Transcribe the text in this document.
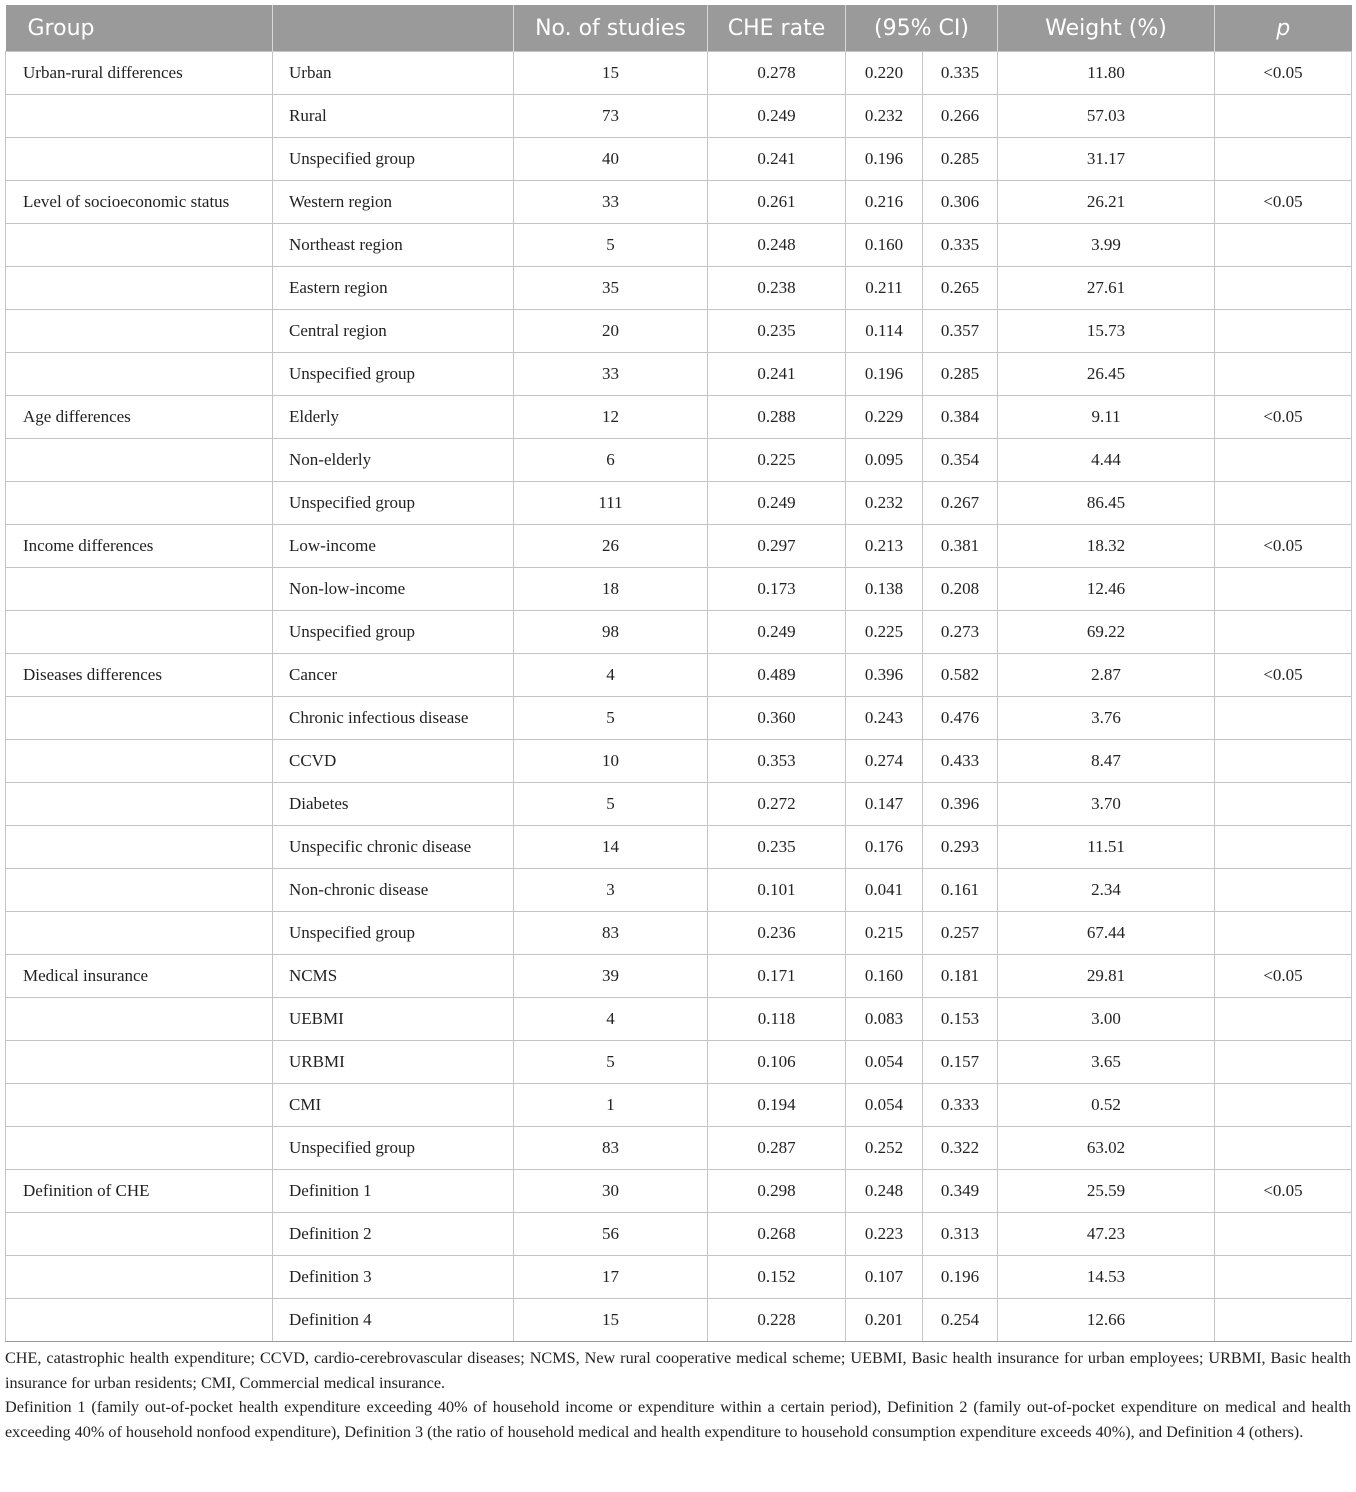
Group		No. of studies	CHE rate	(95% CI)		Weight (%)	p
Urban-rural differences	Urban	15	0.278	0.220	0.335	11.80	<0.05
	Rural	73	0.249	0.232	0.266	57.03	
	Unspecified group	40	0.241	0.196	0.285	31.17	
Level of socioeconomic status	Western region	33	0.261	0.216	0.306	26.21	<0.05
	Northeast region	5	0.248	0.160	0.335	3.99	
	Eastern region	35	0.238	0.211	0.265	27.61	
	Central region	20	0.235	0.114	0.357	15.73	
	Unspecified group	33	0.241	0.196	0.285	26.45	
Age differences	Elderly	12	0.288	0.229	0.384	9.11	<0.05
	Non-elderly	6	0.225	0.095	0.354	4.44	
	Unspecified group	111	0.249	0.232	0.267	86.45	
Income differences	Low-income	26	0.297	0.213	0.381	18.32	<0.05
	Non-low-income	18	0.173	0.138	0.208	12.46	
	Unspecified group	98	0.249	0.225	0.273	69.22	
Diseases differences	Cancer	4	0.489	0.396	0.582	2.87	<0.05
	Chronic infectious disease	5	0.360	0.243	0.476	3.76	
	CCVD	10	0.353	0.274	0.433	8.47	
	Diabetes	5	0.272	0.147	0.396	3.70	
	Unspecific chronic disease	14	0.235	0.176	0.293	11.51	
	Non-chronic disease	3	0.101	0.041	0.161	2.34	
	Unspecified group	83	0.236	0.215	0.257	67.44	
Medical insurance	NCMS	39	0.171	0.160	0.181	29.81	<0.05
	UEBMI	4	0.118	0.083	0.153	3.00	
	URBMI	5	0.106	0.054	0.157	3.65	
	CMI	1	0.194	0.054	0.333	0.52	
	Unspecified group	83	0.287	0.252	0.322	63.02	
Definition of CHE	Definition 1	30	0.298	0.248	0.349	25.59	<0.05
	Definition 2	56	0.268	0.223	0.313	47.23	
	Definition 3	17	0.152	0.107	0.196	14.53	
	Definition 4	15	0.228	0.201	0.254	12.66	

CHE, catastrophic health expenditure; CCVD, cardio-cerebrovascular diseases; NCMS, New rural cooperative medical scheme; UEBMI, Basic health insurance for urban employees; URBMI, Basic health insurance for urban residents; CMI, Commercial medical insurance.

Definition 1 (family out-of-pocket health expenditure exceeding 40% of household income or expenditure within a certain period), Definition 2 (family out-of-pocket expenditure on medical and health exceeding 40% of household nonfood expenditure), Definition 3 (the ratio of household medical and health expenditure to household consumption expenditure exceeds 40%), and Definition 4 (others).
